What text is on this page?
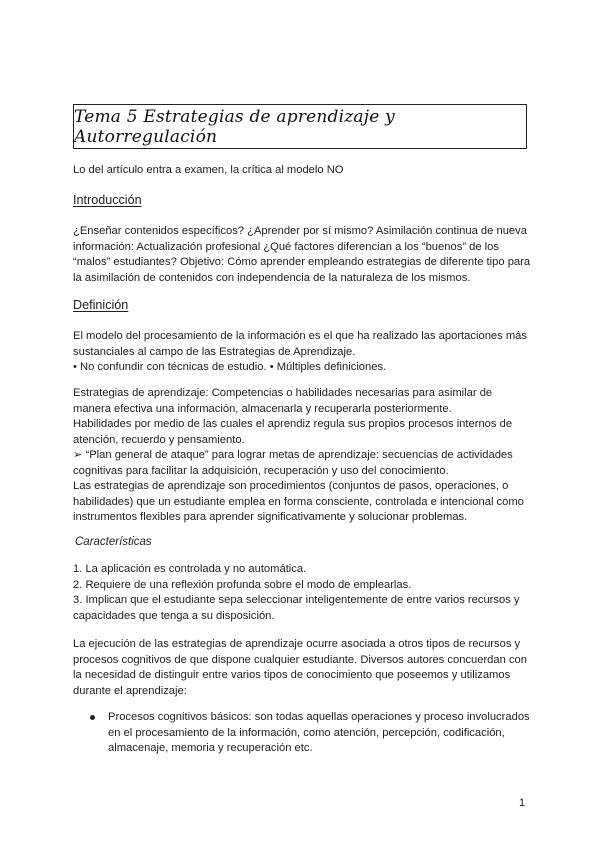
Tema 5 Estrategias de aprendizaje y Autorregulación

Lo del artículo entra a examen, la crítica al modelo NO

Introducción

¿Enseñar contenidos específicos? ¿Aprender por sí mismo? Asimilación continua de nueva
información: Actualización profesional ¿Qué factores diferencian a los “buenos” de los
“malos” estudiantes? Objetivo: Cómo aprender empleando estrategias de diferente tipo para
la asimilación de contenidos con independencia de la naturaleza de los mismos.

Definición

El modelo del procesamiento de la información es el que ha realizado las aportaciones más
sustanciales al campo de las Estrategias de Aprendizaje.
• No confundir con técnicas de estudio. • Múltiples definiciones.
Estrategias de aprendizaje: Competencias o habilidades necesarias para asimilar de
manera efectiva una información, almacenarla y recuperarla posteriormente.
Habilidades por medio de las cuales el aprendiz regula sus propios procesos internos de
atención, recuerdo y pensamiento.
➢ “Plan general de ataque” para lograr metas de aprendizaje: secuencias de actividades
cognitivas para facilitar la adquisición, recuperación y uso del conocimiento.
Las estrategias de aprendizaje son procedimientos (conjuntos de pasos, operaciones, o
habilidades) que un estudiante emplea en forma consciente, controlada e intencional como
instrumentos flexibles para aprender significativamente y solucionar problemas.

Características

1. La aplicación es controlada y no automática.
2. Requiere de una reflexión profunda sobre el modo de emplearlas.
3. Implican que el estudiante sepa seleccionar inteligentemente de entre varios recursos y
capacidades que tenga a su disposición.
La ejecución de las estrategias de aprendizaje ocurre asociada a otros tipos de recursos y
procesos cognitivos de que dispone cualquier estudiante. Diversos autores concuerdan con
la necesidad de distinguir entre varios tipos de conocimiento que poseemos y utilizamos
durante el aprendizaje:
Procesos cognitivos básicos: son todas aquellas operaciones y proceso involucrados
en el procesamiento de la información, como atención, percepción, codificación,
almacenaje, memoria y recuperación etc.
1
